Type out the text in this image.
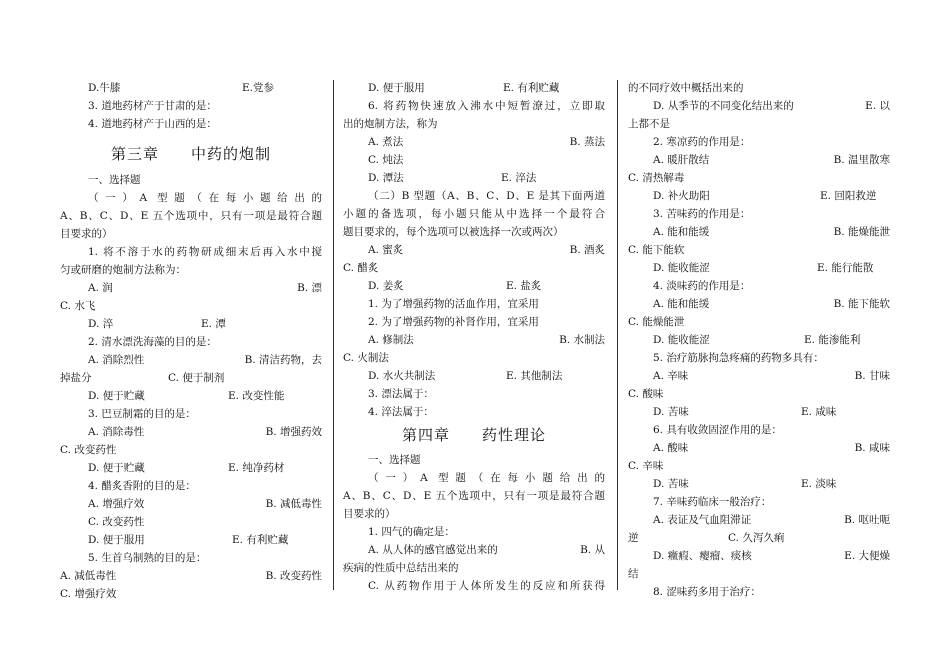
D.牛膝	E.党参
3. 道地药材产于甘肃的是：
4. 道地药材产于山西的是：
第三章　　中药的炮制
一、选择题
（一）A 型题（在每小题给出的
A、B、C、D、E 五个选项中，只有一项是最符合题
目要求的）
1. 将不溶于水的药物研成细末后再入水中搅
匀或研磨的炮制方法称为：
A. 润	B. 漂
C. 水飞
D. 淬	E. 潭
2. 清水漂洗海藻的目的是：
A. 消除烈性	B. 清洁药物，去
掉盐分	C. 便于制剂
D. 便于贮藏	E. 改变性能
3. 巴豆制霜的目的是：
A. 消除毒性	B. 增强药效
C. 改变药性
D. 便于贮藏	E. 纯净药材
4. 醋炙香附的目的是：
A. 增强疗效	B. 减低毒性
C. 改变药性
D. 便于服用	E. 有利贮藏
5. 生首乌制熟的目的是：
A. 减低毒性	B. 改变药性
C. 增强疗效
D. 便于服用	E. 有利贮藏
6. 将药物快速放入沸水中短暂潦过，立即取
出的炮制方法，称为
A. 煮法	B. 蒸法
C. 炖法
D. 潭法	E. 淬法
（二）B 型题（A、B、C、D、E 是其下面两道
小题的备选项，每小题只能从中选择一个最符合
题目要求的，每个选项可以被选择一次或两次）
A. 蜜炙	B. 酒炙
C. 醋炙
D. 姜炙	E. 盐炙
1. 为了增强药物的活血作用，宜采用
2. 为了增强药物的补肾作用，宜采用
A. 修制法	B. 水制法
C. 火制法
D. 水火共制法	E. 其他制法
3. 漂法属于：
4. 淬法属于：
第四章　　药性理论
一、选择题
（一）A 型题（在每小题给出的
A、B、C、D、E 五个选项中，只有一项是最符合题
目要求的）
1. 四气的确定是：
A. 从人体的感官感觉出来的	B. 从
疾病的性质中总结出来的
C. 从药物作用于人体所发生的反应和所获得
的不同疗效中概括出来的
D. 从季节的不同变化结出来的	E. 以
上都不是
2. 寒凉药的作用是：
A. 暖肝散结	B. 温里散寒
C. 清热解毒
D. 补火助阳	E. 回阳救逆
3. 苦味药的作用是：
A. 能和能缓	B. 能燥能泄
C. 能下能软
D. 能收能涩	E. 能行能散
4. 淡味药的作用是：
A. 能和能缓	B. 能下能软
C. 能燥能泄
D. 能收能涩	E. 能渗能利
5. 治疗筋脉拘急疼痛的药物多具有：
A. 辛味	B. 甘味
C. 酸味
D. 苦味	E. 咸味
6. 具有收敛固涩作用的是：
A. 酸味	B. 咸味
C. 辛味
D. 苦味	E. 淡味
7. 辛味药临床一般治疗：
A. 表证及气血阻滞证	B. 呕吐呃
逆	C. 久泻久痢
D. 癥瘕、瘿瘤、痰核	E. 大便燥
结
8. 涩味药多用于治疗：
